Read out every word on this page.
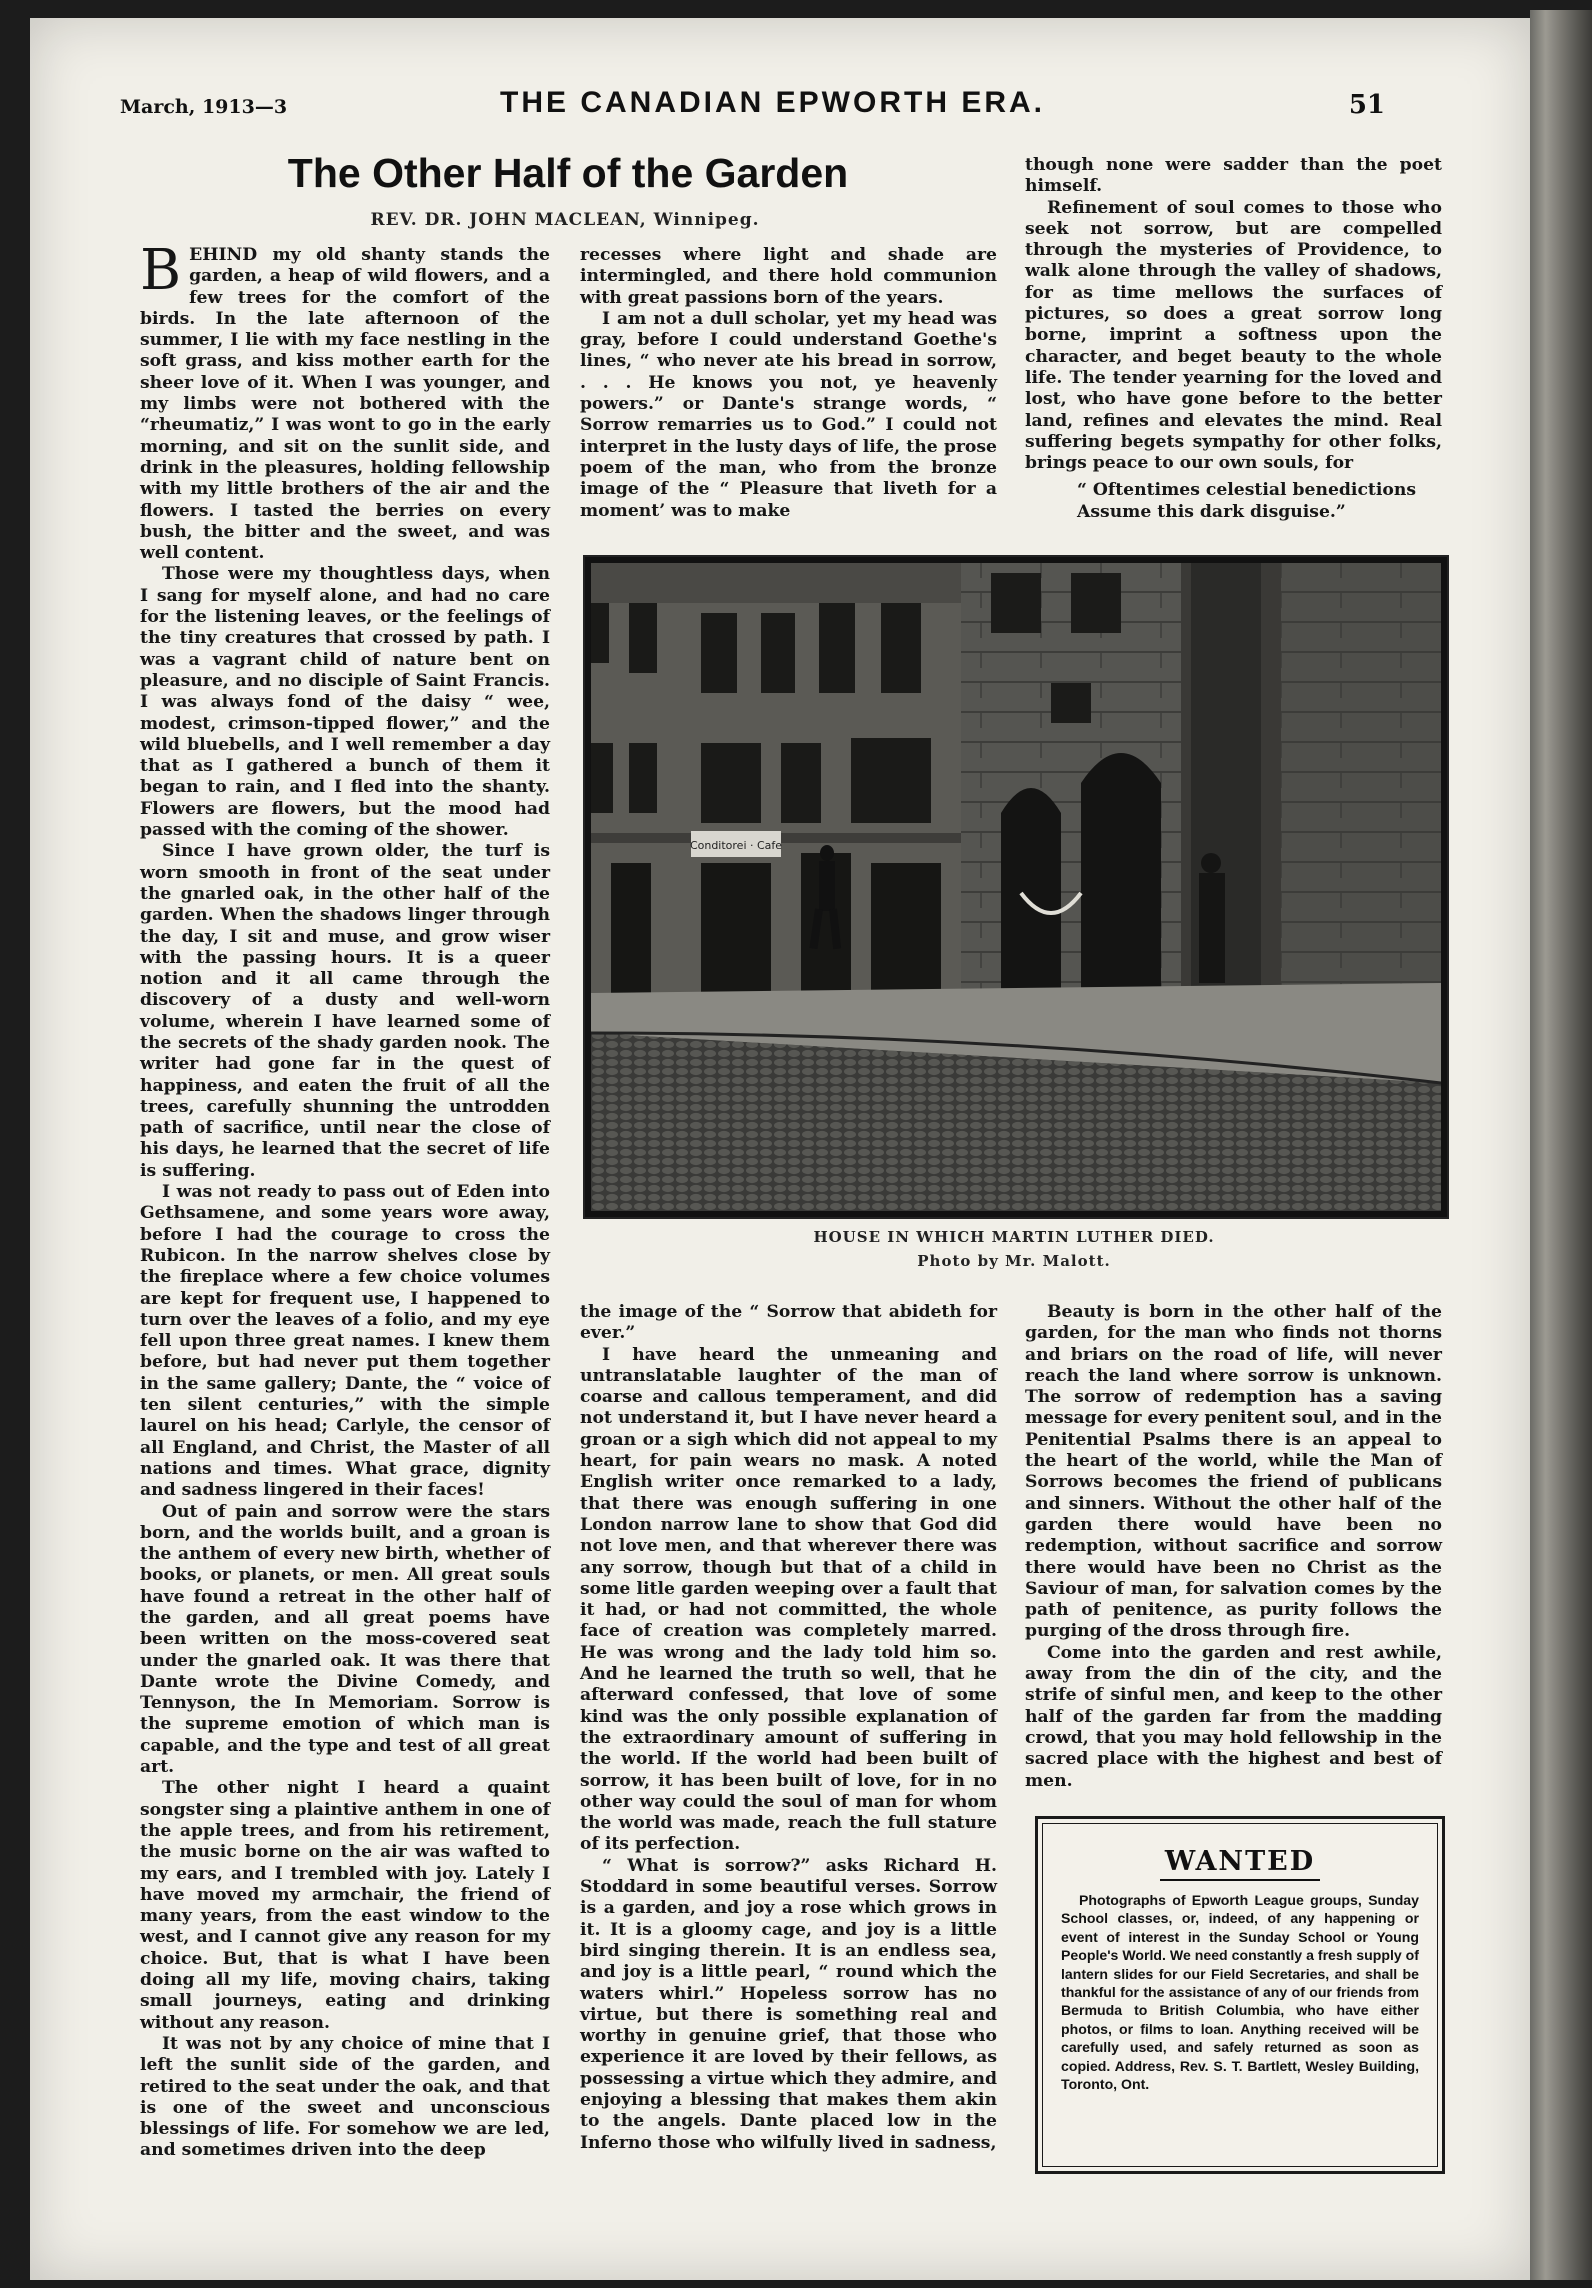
March, 1913—3	THE CANADIAN EPWORTH ERA.	51
The Other Half of the Garden
REV. DR. JOHN MACLEAN, Winnipeg.

BEHIND my old shanty stands the garden, a heap of wild flowers, and a few trees for the comfort of the birds. In the late afternoon of the summer, I lie with my face nestling in the soft grass, and kiss mother earth for the sheer love of it. When I was younger, and my limbs were not bothered with the “rheumatiz,” I was wont to go in the early morning, and sit on the sunlit side, and drink in the pleasures, holding fellowship with my little brothers of the air and the flowers. I tasted the berries on every bush, the bitter and the sweet, and was well content.

Those were my thoughtless days, when I sang for myself alone, and had no care for the listening leaves, or the feelings of the tiny creatures that crossed by path. I was a vagrant child of nature bent on pleasure, and no disciple of Saint Francis. I was always fond of the daisy “ wee, modest, crimson-tipped flower,” and the wild bluebells, and I well remember a day that as I gathered a bunch of them it began to rain, and I fled into the shanty. Flowers are flowers, but the mood had passed with the coming of the shower.

Since I have grown older, the turf is worn smooth in front of the seat under the gnarled oak, in the other half of the garden. When the shadows linger through the day, I sit and muse, and grow wiser with the passing hours. It is a queer notion and it all came through the discovery of a dusty and well-worn volume, wherein I have learned some of the secrets of the shady garden nook. The writer had gone far in the quest of happiness, and eaten the fruit of all the trees, carefully shunning the untrodden path of sacrifice, until near the close of his days, he learned that the secret of life is suffering.

I was not ready to pass out of Eden into Gethsamene, and some years wore away, before I had the courage to cross the Rubicon. In the narrow shelves close by the fireplace where a few choice volumes are kept for frequent use, I happened to turn over the leaves of a folio, and my eye fell upon three great names. I knew them before, but had never put them together in the same gallery; Dante, the “ voice of ten silent centuries,” with the simple laurel on his head; Carlyle, the censor of all England, and Christ, the Master of all nations and times. What grace, dignity and sadness lingered in their faces!

Out of pain and sorrow were the stars born, and the worlds built, and a groan is the anthem of every new birth, whether of books, or planets, or men. All great souls have found a retreat in the other half of the garden, and all great poems have been written on the moss-covered seat under the gnarled oak. It was there that Dante wrote the Divine Comedy, and Tennyson, the In Memoriam. Sorrow is the supreme emotion of which man is capable, and the type and test of all great art.

The other night I heard a quaint songster sing a plaintive anthem in one of the apple trees, and from his retirement, the music borne on the air was wafted to my ears, and I trembled with joy. Lately I have moved my armchair, the friend of many years, from the east window to the west, and I cannot give any reason for my choice. But, that is what I have been doing all my life, moving chairs, taking small journeys, eating and drinking without any reason.

It was not by any choice of mine that I left the sunlit side of the garden, and retired to the seat under the oak, and that is one of the sweet and unconscious blessings of life. For somehow we are led, and sometimes driven into the deep

recesses where light and shade are intermingled, and there hold communion with great passions born of the years.

I am not a dull scholar, yet my head was gray, before I could understand Goethe's lines, “ who never ate his bread in sorrow, . . . He knows you not, ye heavenly powers.” or Dante's strange words, “ Sorrow remarries us to God.” I could not interpret in the lusty days of life, the prose poem of the man, who from the bronze image of the “ Pleasure that liveth for a moment’ was to make

though none were sadder than the poet himself.

Refinement of soul comes to those who seek not sorrow, but are compelled through the mysteries of Providence, to walk alone through the valley of shadows, for as time mellows the surfaces of pictures, so does a great sorrow long borne, imprint a softness upon the character, and beget beauty to the whole life. The tender yearning for the loved and lost, who have gone before to the better land, refines and elevates the mind. Real suffering begets sympathy for other folks, brings peace to our own souls, for

“ Oftentimes celestial benedictions

Assume this dark disguise.”

Conditorei · Cafe
HOUSE IN WHICH MARTIN LUTHER DIED.
Photo by Mr. Malott.

the image of the “ Sorrow that abideth for ever.”

I have heard the unmeaning and untranslatable laughter of the man of coarse and callous temperament, and did not understand it, but I have never heard a groan or a sigh which did not appeal to my heart, for pain wears no mask. A noted English writer once remarked to a lady, that there was enough suffering in one London narrow lane to show that God did not love men, and that wherever there was any sorrow, though but that of a child in some litle garden weeping over a fault that it had, or had not committed, the whole face of creation was completely marred. He was wrong and the lady told him so. And he learned the truth so well, that he afterward confessed, that love of some kind was the only possible explanation of the extraordinary amount of suffering in the world. If the world had been built of sorrow, it has been built of love, for in no other way could the soul of man for whom the world was made, reach the full stature of its perfection.

“ What is sorrow?” asks Richard H. Stoddard in some beautiful verses. Sorrow is a garden, and joy a rose which grows in it. It is a gloomy cage, and joy is a little bird singing therein. It is an endless sea, and joy is a little pearl, “ round which the waters whirl.” Hopeless sorrow has no virtue, but there is something real and worthy in genuine grief, that those who experience it are loved by their fellows, as possessing a virtue which they admire, and enjoying a blessing that makes them akin to the angels. Dante placed low in the Inferno those who wilfully lived in sadness,

Beauty is born in the other half of the garden, for the man who finds not thorns and briars on the road of life, will never reach the land where sorrow is unknown. The sorrow of redemption has a saving message for every penitent soul, and in the Penitential Psalms there is an appeal to the heart of the world, while the Man of Sorrows becomes the friend of publicans and sinners. Without the other half of the garden there would have been no redemption, without sacrifice and sorrow there would have been no Christ as the Saviour of man, for salvation comes by the path of penitence, as purity follows the purging of the dross through fire.

Come into the garden and rest awhile, away from the din of the city, and the strife of sinful men, and keep to the other half of the garden far from the madding crowd, that you may hold fellowship in the sacred place with the highest and best of men.

WANTED

Photographs of Epworth League groups, Sunday School classes, or, indeed, of any happening or event of interest in the Sunday School or Young People's World. We need constantly a fresh supply of lantern slides for our Field Secretaries, and shall be thankful for the assistance of any of our friends from Bermuda to British Columbia, who have either photos, or films to loan. Anything received will be carefully used, and safely returned as soon as copied. Address, Rev. S. T. Bartlett, Wesley Building, Toronto, Ont.
